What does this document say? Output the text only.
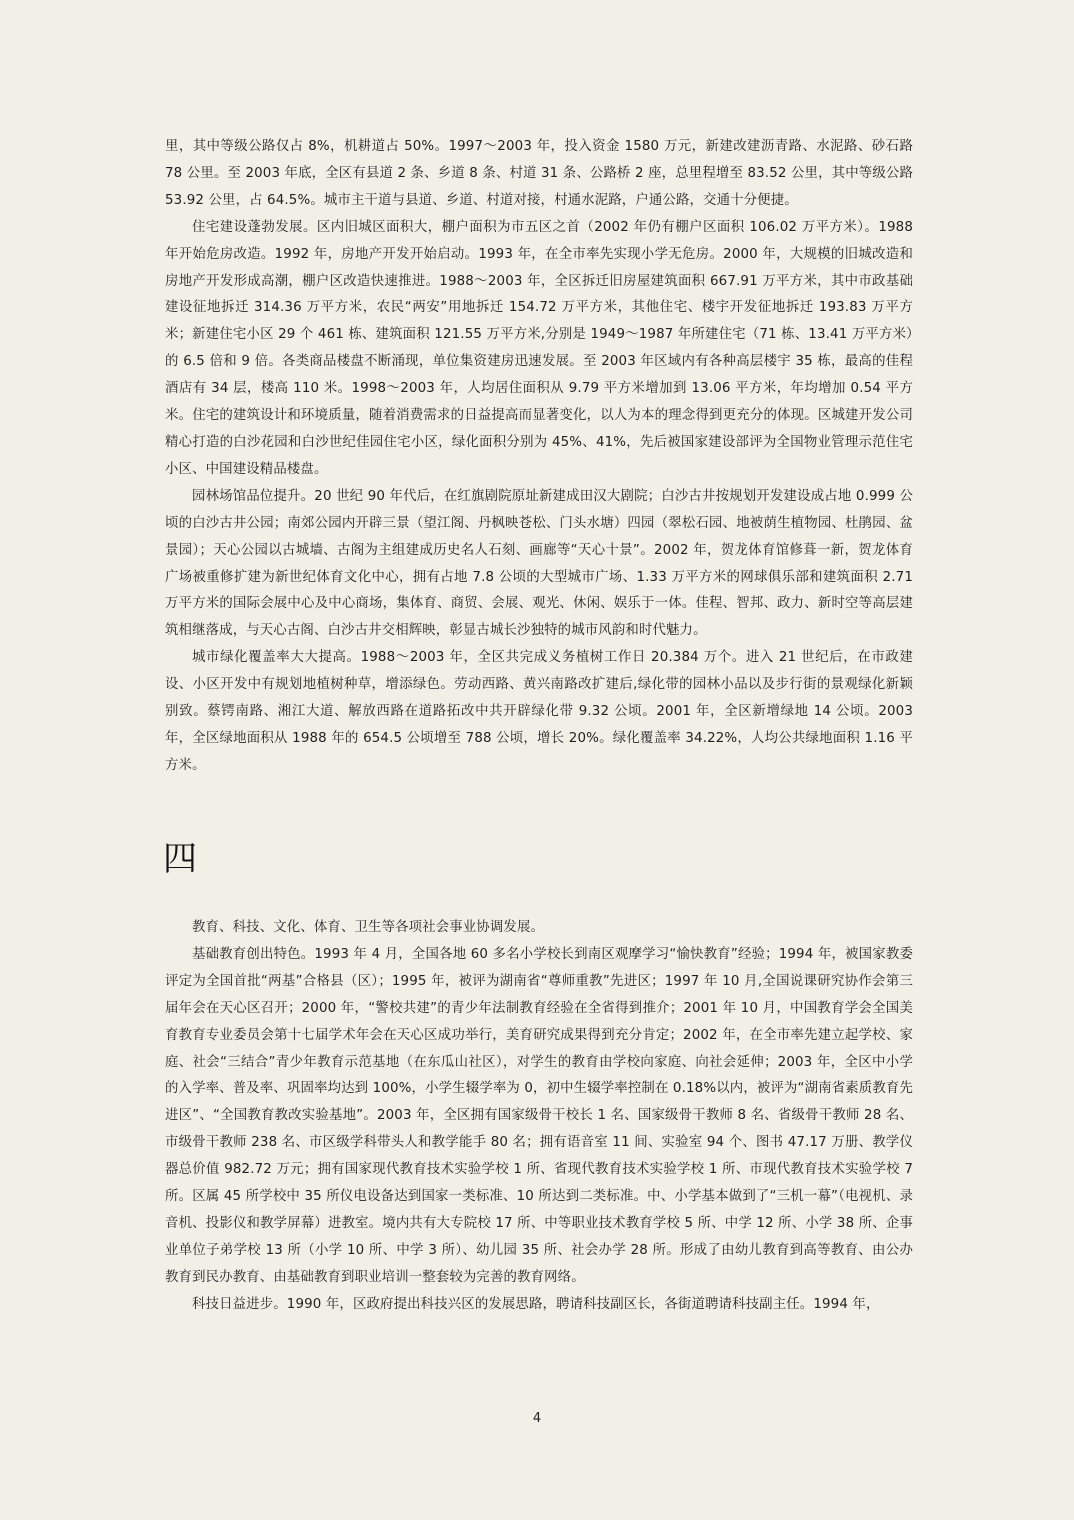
里，其中等级公路仅占 8%，机耕道占 50%。1997～2003 年，投入资金 1580 万元，新建改建沥青路、水泥路、砂石路 78 公里。至 2003 年底，全区有县道 2 条、乡道 8 条、村道 31 条、公路桥 2 座，总里程增至 83.52 公里，其中等级公路 53.92 公里，占 64.5%。城市主干道与县道、乡道、村道对接，村通水泥路，户通公路，交通十分便捷。

住宅建设蓬勃发展。区内旧城区面积大，棚户面积为市五区之首（2002 年仍有棚户区面积 106.02 万平方米）。1988 年开始危房改造。1992 年，房地产开发开始启动。1993 年，在全市率先实现小学无危房。2000 年，大规模的旧城改造和房地产开发形成高潮，棚户区改造快速推进。1988～2003 年，全区拆迁旧房屋建筑面积 667.91 万平方米，其中市政基础建设征地拆迁 314.36 万平方米，农民“两安”用地拆迁 154.72 万平方米，其他住宅、楼宇开发征地拆迁 193.83 万平方米；新建住宅小区 29 个 461 栋、建筑面积 121.55 万平方米,分别是 1949～1987 年所建住宅（71 栋、13.41 万平方米）的 6.5 倍和 9 倍。各类商品楼盘不断涌现，单位集资建房迅速发展。至 2003 年区域内有各种高层楼宇 35 栋，最高的佳程酒店有 34 层，楼高 110 米。1998～2003 年，人均居住面积从 9.79 平方米增加到 13.06 平方米，年均增加 0.54 平方米。住宅的建筑设计和环境质量，随着消费需求的日益提高而显著变化，以人为本的理念得到更充分的体现。区城建开发公司精心打造的白沙花园和白沙世纪佳园住宅小区，绿化面积分别为 45%、41%，先后被国家建设部评为全国物业管理示范住宅小区、中国建设精品楼盘。

园林场馆品位提升。20 世纪 90 年代后，在红旗剧院原址新建成田汉大剧院；白沙古井按规划开发建设成占地 0.999 公顷的白沙古井公园；南郊公园内开辟三景（望江阁、丹枫映苍松、门头水塘）四园（翠松石园、地被荫生植物园、杜鹃园、盆景园）；天心公园以古城墙、古阁为主组建成历史名人石刻、画廊等“天心十景”。2002 年，贺龙体育馆修葺一新，贺龙体育广场被重修扩建为新世纪体育文化中心，拥有占地 7.8 公顷的大型城市广场、1.33 万平方米的网球俱乐部和建筑面积 2.71 万平方米的国际会展中心及中心商场，集体育、商贸、会展、观光、休闲、娱乐于一体。佳程、智邦、政力、新时空等高层建筑相继落成，与天心古阁、白沙古井交相辉映，彰显古城长沙独特的城市风韵和时代魅力。

城市绿化覆盖率大大提高。1988～2003 年，全区共完成义务植树工作日 20.384 万个。进入 21 世纪后，在市政建设、小区开发中有规划地植树种草，增添绿色。劳动西路、黄兴南路改扩建后,绿化带的园林小品以及步行街的景观绿化新颖别致。蔡锷南路、湘江大道、解放西路在道路拓改中共开辟绿化带 9.32 公顷。2001 年，全区新增绿地 14 公顷。2003 年，全区绿地面积从 1988 年的 654.5 公顷增至 788 公顷，增长 20%。绿化覆盖率 34.22%，人均公共绿地面积 1.16 平方米。

四

教育、科技、文化、体育、卫生等各项社会事业协调发展。

基础教育创出特色。1993 年 4 月，全国各地 60 多名小学校长到南区观摩学习“愉快教育”经验；1994 年，被国家教委评定为全国首批“两基”合格县（区）；1995 年，被评为湖南省“尊师重教”先进区；1997 年 10 月,全国说课研究协作会第三届年会在天心区召开；2000 年，“警校共建”的青少年法制教育经验在全省得到推介；2001 年 10 月，中国教育学会全国美育教育专业委员会第十七届学术年会在天心区成功举行，美育研究成果得到充分肯定；2002 年，在全市率先建立起学校、家庭、社会“三结合”青少年教育示范基地（在东瓜山社区），对学生的教育由学校向家庭、向社会延伸；2003 年，全区中小学的入学率、普及率、巩固率均达到 100%，小学生辍学率为 0，初中生辍学率控制在 0.18%以内，被评为“湖南省素质教育先进区”、“全国教育教改实验基地”。2003 年，全区拥有国家级骨干校长 1 名、国家级骨干教师 8 名、省级骨干教师 28 名、市级骨干教师 238 名、市区级学科带头人和教学能手 80 名；拥有语音室 11 间、实验室 94 个、图书 47.17 万册、教学仪器总价值 982.72 万元；拥有国家现代教育技术实验学校 1 所、省现代教育技术实验学校 1 所、市现代教育技术实验学校 7 所。区属 45 所学校中 35 所仪电设备达到国家一类标准、10 所达到二类标准。中、小学基本做到了“三机一幕”（电视机、录音机、投影仪和教学屏幕）进教室。境内共有大专院校 17 所、中等职业技术教育学校 5 所、中学 12 所、小学 38 所、企事业单位子弟学校 13 所（小学 10 所、中学 3 所）、幼儿园 35 所、社会办学 28 所。形成了由幼儿教育到高等教育、由公办教育到民办教育、由基础教育到职业培训一整套较为完善的教育网络。

科技日益进步。1990 年，区政府提出科技兴区的发展思路，聘请科技副区长，各街道聘请科技副主任。1994 年，

4
